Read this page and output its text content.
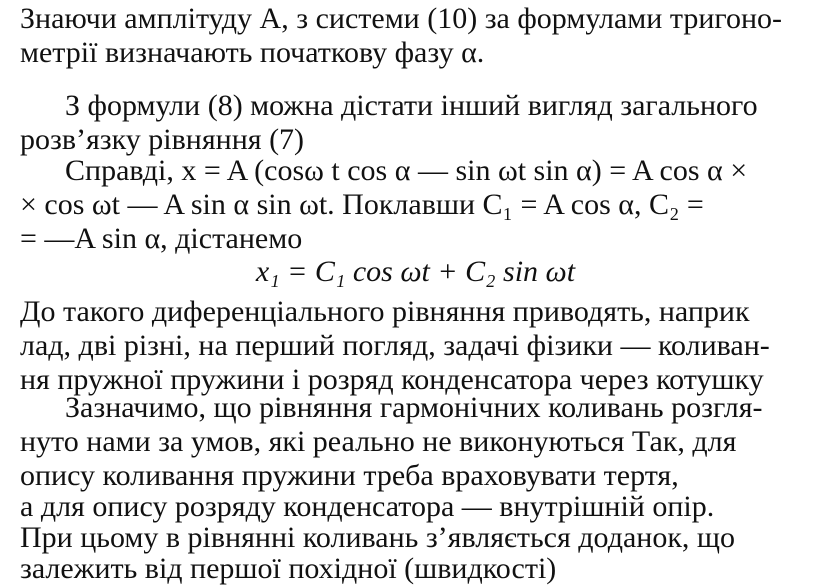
Знаючи амплітуду A, з системи (10) за формулами тригоно-
метрії визначають початкову фазу α.
З формули (8) можна дістати інший вигляд загального
розв’язку рівняння (7)
Справді, x = A (cosω t cos α — sin ωt sin α) = A cos α ×
× cos ωt — A sin α sin ωt. Поклавши C₁ = A cos α, C₂ =
= —A sin α, дістанемо
x₁ = C₁ cos ωt + C₂ sin ωt
До такого диференціального рівняння приводять, наприк
лад, дві різні, на перший погляд, задачі фізики — коливан-
ня пружної пружини і розряд конденсатора через котушку
Зазначимо, що рівняння гармонічних коливань розгля-
нуто нами за умов, які реально не виконуються Так, для
опису коливання пружини треба враховувати тертя,
а для опису розряду конденсатора — внутрішній опір.
При цьому в рівнянні коливань з’являється доданок, що
залежить від першої похідної (швидкості)
